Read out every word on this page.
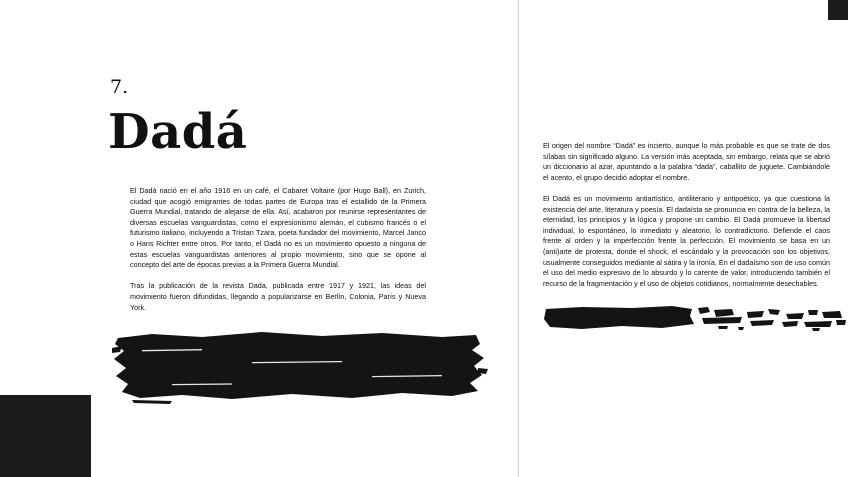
7.
Dadá

El Dadá nació en el año 1916 en un café, el Cabaret Voltaire (por Hugo Ball), en Zurich, ciudad que acogió emigrantes de todas partes de Europa tras el estallido de la Primera Guerra Mundial, tratando de alejarse de ella. Así, acabaron por reunirse representantes de diversas escuelas vanguardistas, como el expresionismo alemán, el cubismo francés o el futurismo italiano, incluyendo a Tristan Tzara, poeta fundador del movimiento, Marcel Janco o Hans Richter entre otros. Por tanto, el Dadá no es un movimiento opuesto a ninguna de estas escuelas vanguardistas anteriores al propio movimiento, sino que se opone al concepto del arte de épocas previas a la Primera Guerra Mundial.

Tras la publicación de la revista Dada, publicada entre 1917 y 1921, las ideas del movimiento fueron difundidas, llegando a popularizarse en Berlín, Colonia, París y Nueva York.

El origen del nombre “Dadá” es incierto, aunque lo más probable es que se trate de dos sílabas sin significado alguno. La versión más aceptada, sin embargo, relata que se abrió un diccionario al azar, apuntando a la palabra “dada”, caballito de juguete. Cambiándole el acento, el grupo decidió adoptar el nombre.

El Dadá es un movimiento antiartístico, antiliterario y antipoético, ya que cuestiona la existencia del arte, literatura y poesía. El dadaísta se pronuncia en contra de la belleza, la eternidad, los principios y la lógica y propone un cambio. El Dadá promueve la libertad individual, lo espontáneo, lo inmediato y aleatorio, lo contradictorio. Defiende el caos frente al orden y la imperfección frente la perfección. El movimiento se basa en un (anti)arte de protesta, donde el shock, el escándalo y la provocación son los objetivos, usualmente conseguidos mediante al sátira y la ironía. En el dadaísmo son de uso común el uso del medio expresivo de lo absurdo y lo carente de valor, introduciendo también el recurso de la fragmentación y el uso de objetos cotidianos, normalmente desechables.
